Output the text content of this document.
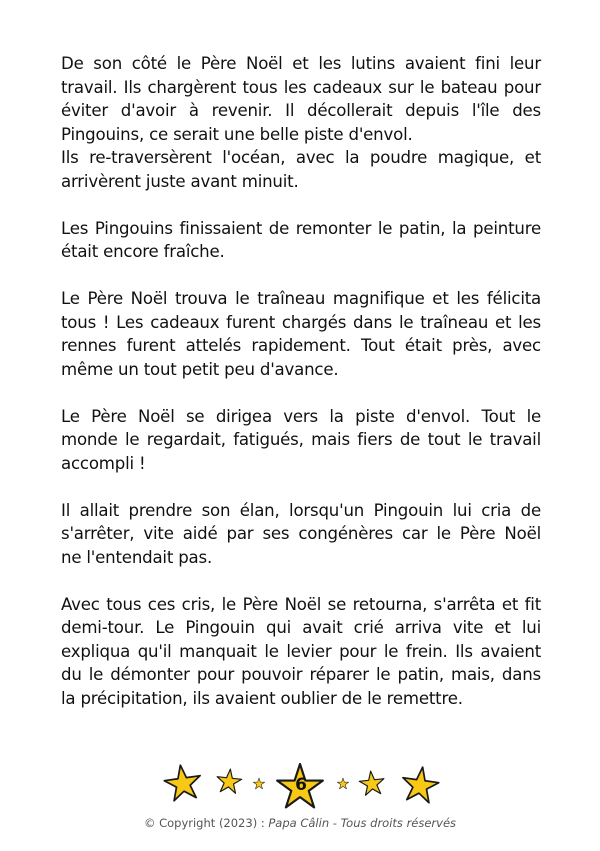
De son côté le Père Noël et les lutins avaient fini leur
travail. Ils chargèrent tous les cadeaux sur le bateau pour
éviter d'avoir à revenir. Il décollerait depuis l'île des
Pingouins, ce serait une belle piste d'envol.
Ils re-traversèrent l'océan, avec la poudre magique, et
arrivèrent juste avant minuit.

Les Pingouins finissaient de remonter le patin, la peinture
était encore fraîche.

Le Père Noël trouva le traîneau magnifique et les félicita
tous ! Les cadeaux furent chargés dans le traîneau et les
rennes furent attelés rapidement. Tout était près, avec
même un tout petit peu d'avance.

Le Père Noël se dirigea vers la piste d'envol. Tout le
monde le regardait, fatigués, mais fiers de tout le travail
accompli !

Il allait prendre son élan, lorsqu'un Pingouin lui cria de
s'arrêter, vite aidé par ses congénères car le Père Noël
ne l'entendait pas.

Avec tous ces cris, le Père Noël se retourna, s'arrêta et fit
demi-tour. Le Pingouin qui avait crié arriva vite et lui
expliqua qu'il manquait le levier pour le frein. Ils avaient
du le démonter pour pouvoir réparer le patin, mais, dans
la précipitation, ils avaient oublier de le remettre.

6
© Copyright (2023) : Papa Câlin - Tous droits réservés
